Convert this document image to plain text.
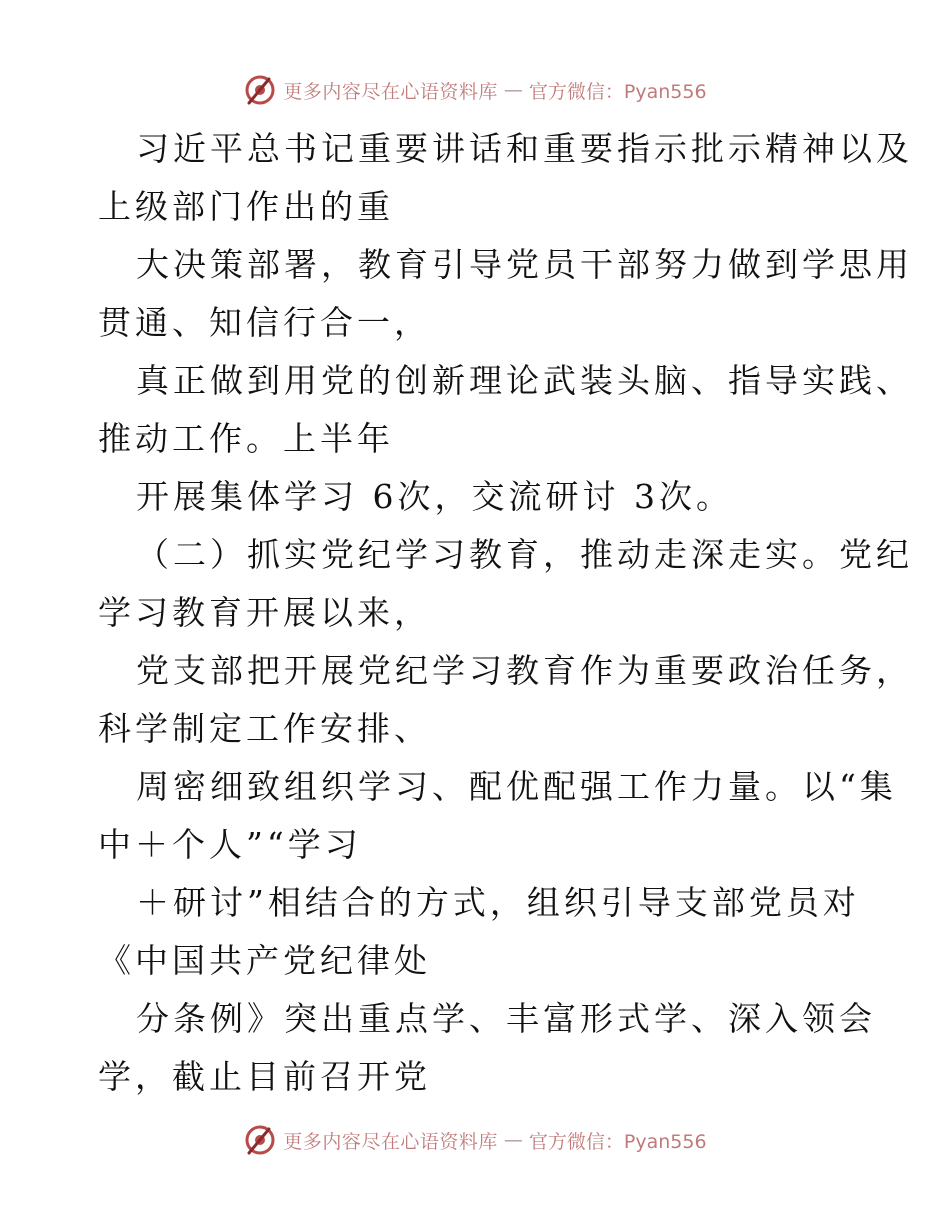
更多内容尽在心语资料库 — 官方微信：Pyan556
习近平总书记重要讲话和重要指示批示精神以及
上级部门作出的重
大决策部署，教育引导党员干部努力做到学思用
贯通、知信行合一，
真正做到用党的创新理论武装头脑、指导实践、
推动工作。上半年
开展集体学习 6次，交流研讨 3次。
（二）抓实党纪学习教育，推动走深走实。党纪
学习教育开展以来，
党支部把开展党纪学习教育作为重要政治任务，
科学制定工作安排、
周密细致组织学习、配优配强工作力量。以“集
中＋个人”“学习
＋研讨”相结合的方式，组织引导支部党员对
《中国共产党纪律处
分条例》突出重点学、丰富形式学、深入领会
学，截止目前召开党
更多内容尽在心语资料库 — 官方微信：Pyan556
